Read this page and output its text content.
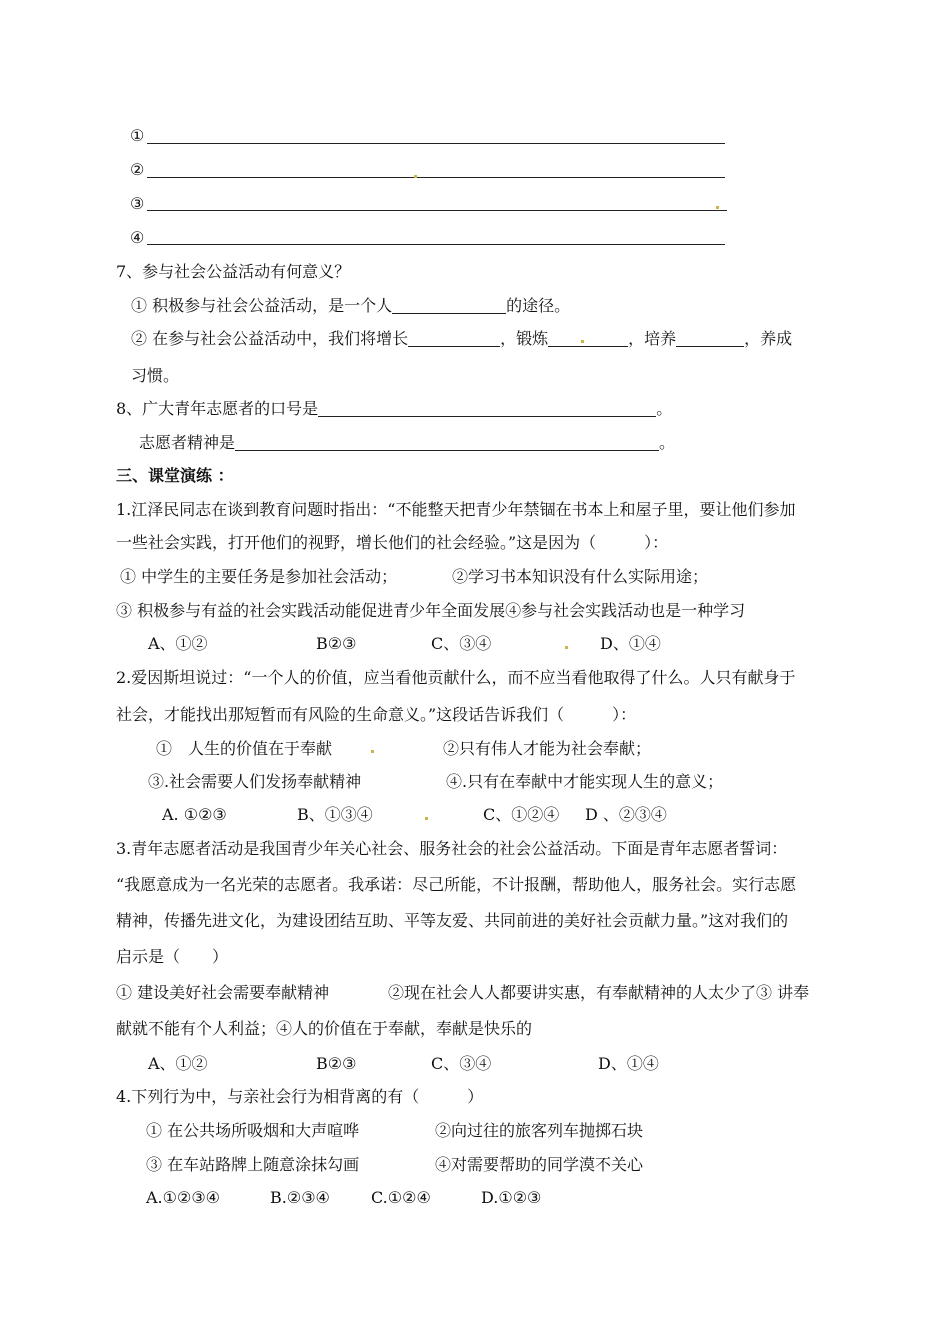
①
②
③
④
7、参与社会公益活动有何意义？
① 积极参与社会公益活动，是一个人	的途径。
② 在参与社会公益活动中，我们将增长	，锻炼	，培养	，养成
习惯。
8、广大青年志愿者的口号是	。
志愿者精神是	。
三、课堂演练 ：
1.江泽民同志在谈到教育问题时指出：“不能整天把青少年禁锢在书本上和屋子里，要让他们参加
一些社会实践，打开他们的视野，增长他们的社会经验。”这是因为（　　　）：
① 中学生的主要任务是参加社会活动；	②学习书本知识没有什么实际用途；
③ 积极参与有益的社会实践活动能促进青少年全面发展④参与社会实践活动也是一种学习
A、①②	B②③	C、③④	D、①④
2.爱因斯坦说过：“一个人的价值，应当看他贡献什么，而不应当看他取得了什么。人只有献身于
社会，才能找出那短暂而有风险的生命意义。”这段话告诉我们（　　　）：
①　人生的价值在于奉献	②只有伟人才能为社会奉献；
③.社会需要人们发扬奉献精神	④.只有在奉献中才能实现人生的意义；
A. ①②③	B、①③④	C、①②④ D 、②③④
3.青年志愿者活动是我国青少年关心社会、服务社会的社会公益活动。下面是青年志愿者誓词：
“我愿意成为一名光荣的志愿者。我承诺：尽己所能，不计报酬，帮助他人，服务社会。实行志愿
精神，传播先进文化，为建设团结互助、平等友爱、共同前进的美好社会贡献力量。”这对我们的
启示是（　　）
① 建设美好社会需要奉献精神	②现在社会人人都要讲实惠，有奉献精神的人太少了③ 讲奉
献就不能有个人利益；④人的价值在于奉献，奉献是快乐的
A、①②	B②③	C、③④	D、①④
4.下列行为中，与亲社会行为相背离的有（　　　）
① 在公共场所吸烟和大声喧哗	②向过往的旅客列车抛掷石块
③ 在车站路牌上随意涂抹勾画	④对需要帮助的同学漠不关心
A.①②③④	B.②③④	C.①②④	D.①②③
